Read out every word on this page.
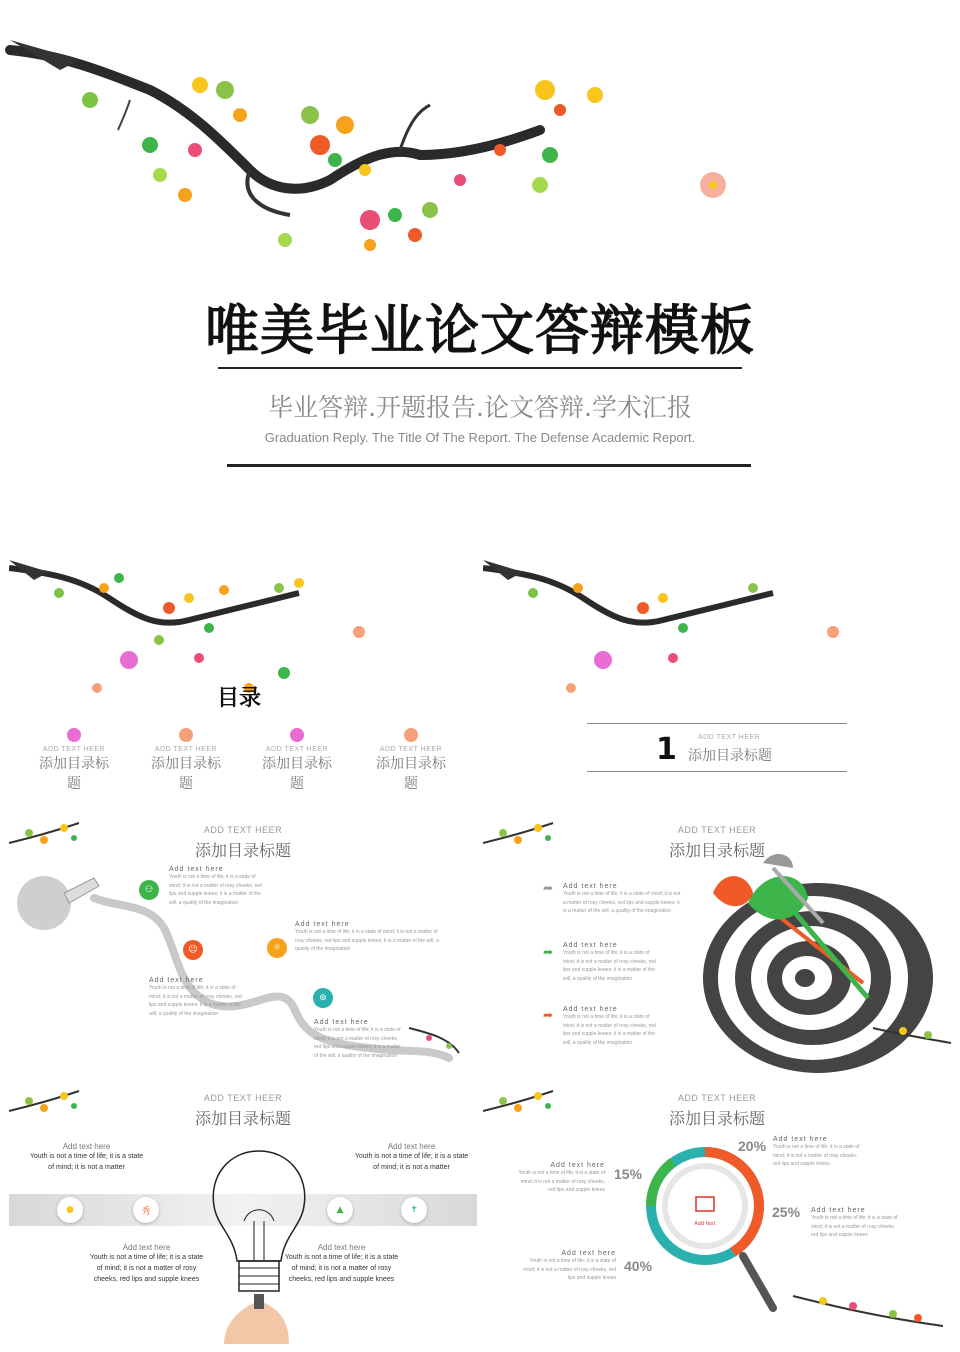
唯美毕业论文答辩模板
毕业答辩.开题报告.论文答辩.学术汇报
Graduation Reply. The Title Of The Report. The Defense Academic Report.
目录
ADD TEXT HEER
添加目录标题
ADD TEXT HEER
添加目录标题
ADD TEXT HEER
添加目录标题
ADD TEXT HEER
添加目录标题
1	ADD TEXT HEER
添加目录标题
ADD TEXT HEER
添加目录标题
⚇
☺	☼
⊛
Add text here
Youth is not a time of life; it is a state of mind; it is not a matter of rosy cheeks, red lips and supple knees; it is a matter of the will, a quality of the imagination
Add text here
Youth is not a time of life; it is a state of mind; it is not a matter of rosy cheeks, red lips and supple knees; it is a matter of the will, a quality of the imagination
Add text here
Youth is not a time of life; it is a state of mind; it is not a matter of rosy cheeks, red lips and supple knees; it is a matter of the will, a quality of the imagination
Add text here
Youth is not a time of life; it is a state of mind; it is not a matter of rosy cheeks, red lips and supple knees; it is a matter of the will, a quality of the imagination
ADD TEXT HEER
添加目录标题
➦
➦
➦
Add text here
Youth is not a time of life; it is a state of mind; it is not a matter of rosy cheeks, red lips and supple knees; it is a matter of the will, a quality of the imagination
Add text here
Youth is not a time of life; it is a state of mind; it is not a matter of rosy cheeks, red lips and supple knees; it is a matter of the will, a quality of the imagination
Add text here
Youth is not a time of life; it is a state of mind; it is not a matter of rosy cheeks, red lips and supple knees; it is a matter of the will, a quality of the imagination
ADD TEXT HEER
添加目录标题
●	秀	▲	✝
Add text here
Youth is not a time of life; it is a state of mind; it is not a matter
Add text here
Youth is not a time of life; it is a state of mind; it is not a matter
Add text here
Youth is not a time of life; it is a state of mind; it is not a matter of rosy cheeks, red lips and supple knees
Add text here
Youth is not a time of life; it is a state of mind; it is not a matter of rosy cheeks, red lips and supple knees
ADD TEXT HEER
添加目录标题
Add text
15%
20%
25%
40%
Add text here
Youth is not a time of life; it is a state of mind; it is not a matter of rosy cheeks, red lips and supple knees
Add text here
Youth is not a time of life; it is a state of mind; it is not a matter of rosy cheeks, red lips and supple knees
Add text here
Youth is not a time of life; it is a state of mind; it is not a matter of rosy cheeks, red lips and supple knees
Add text here
Youth is not a time of life; it is a state of mind; it is not a matter of rosy cheeks, red lips and supple knees
